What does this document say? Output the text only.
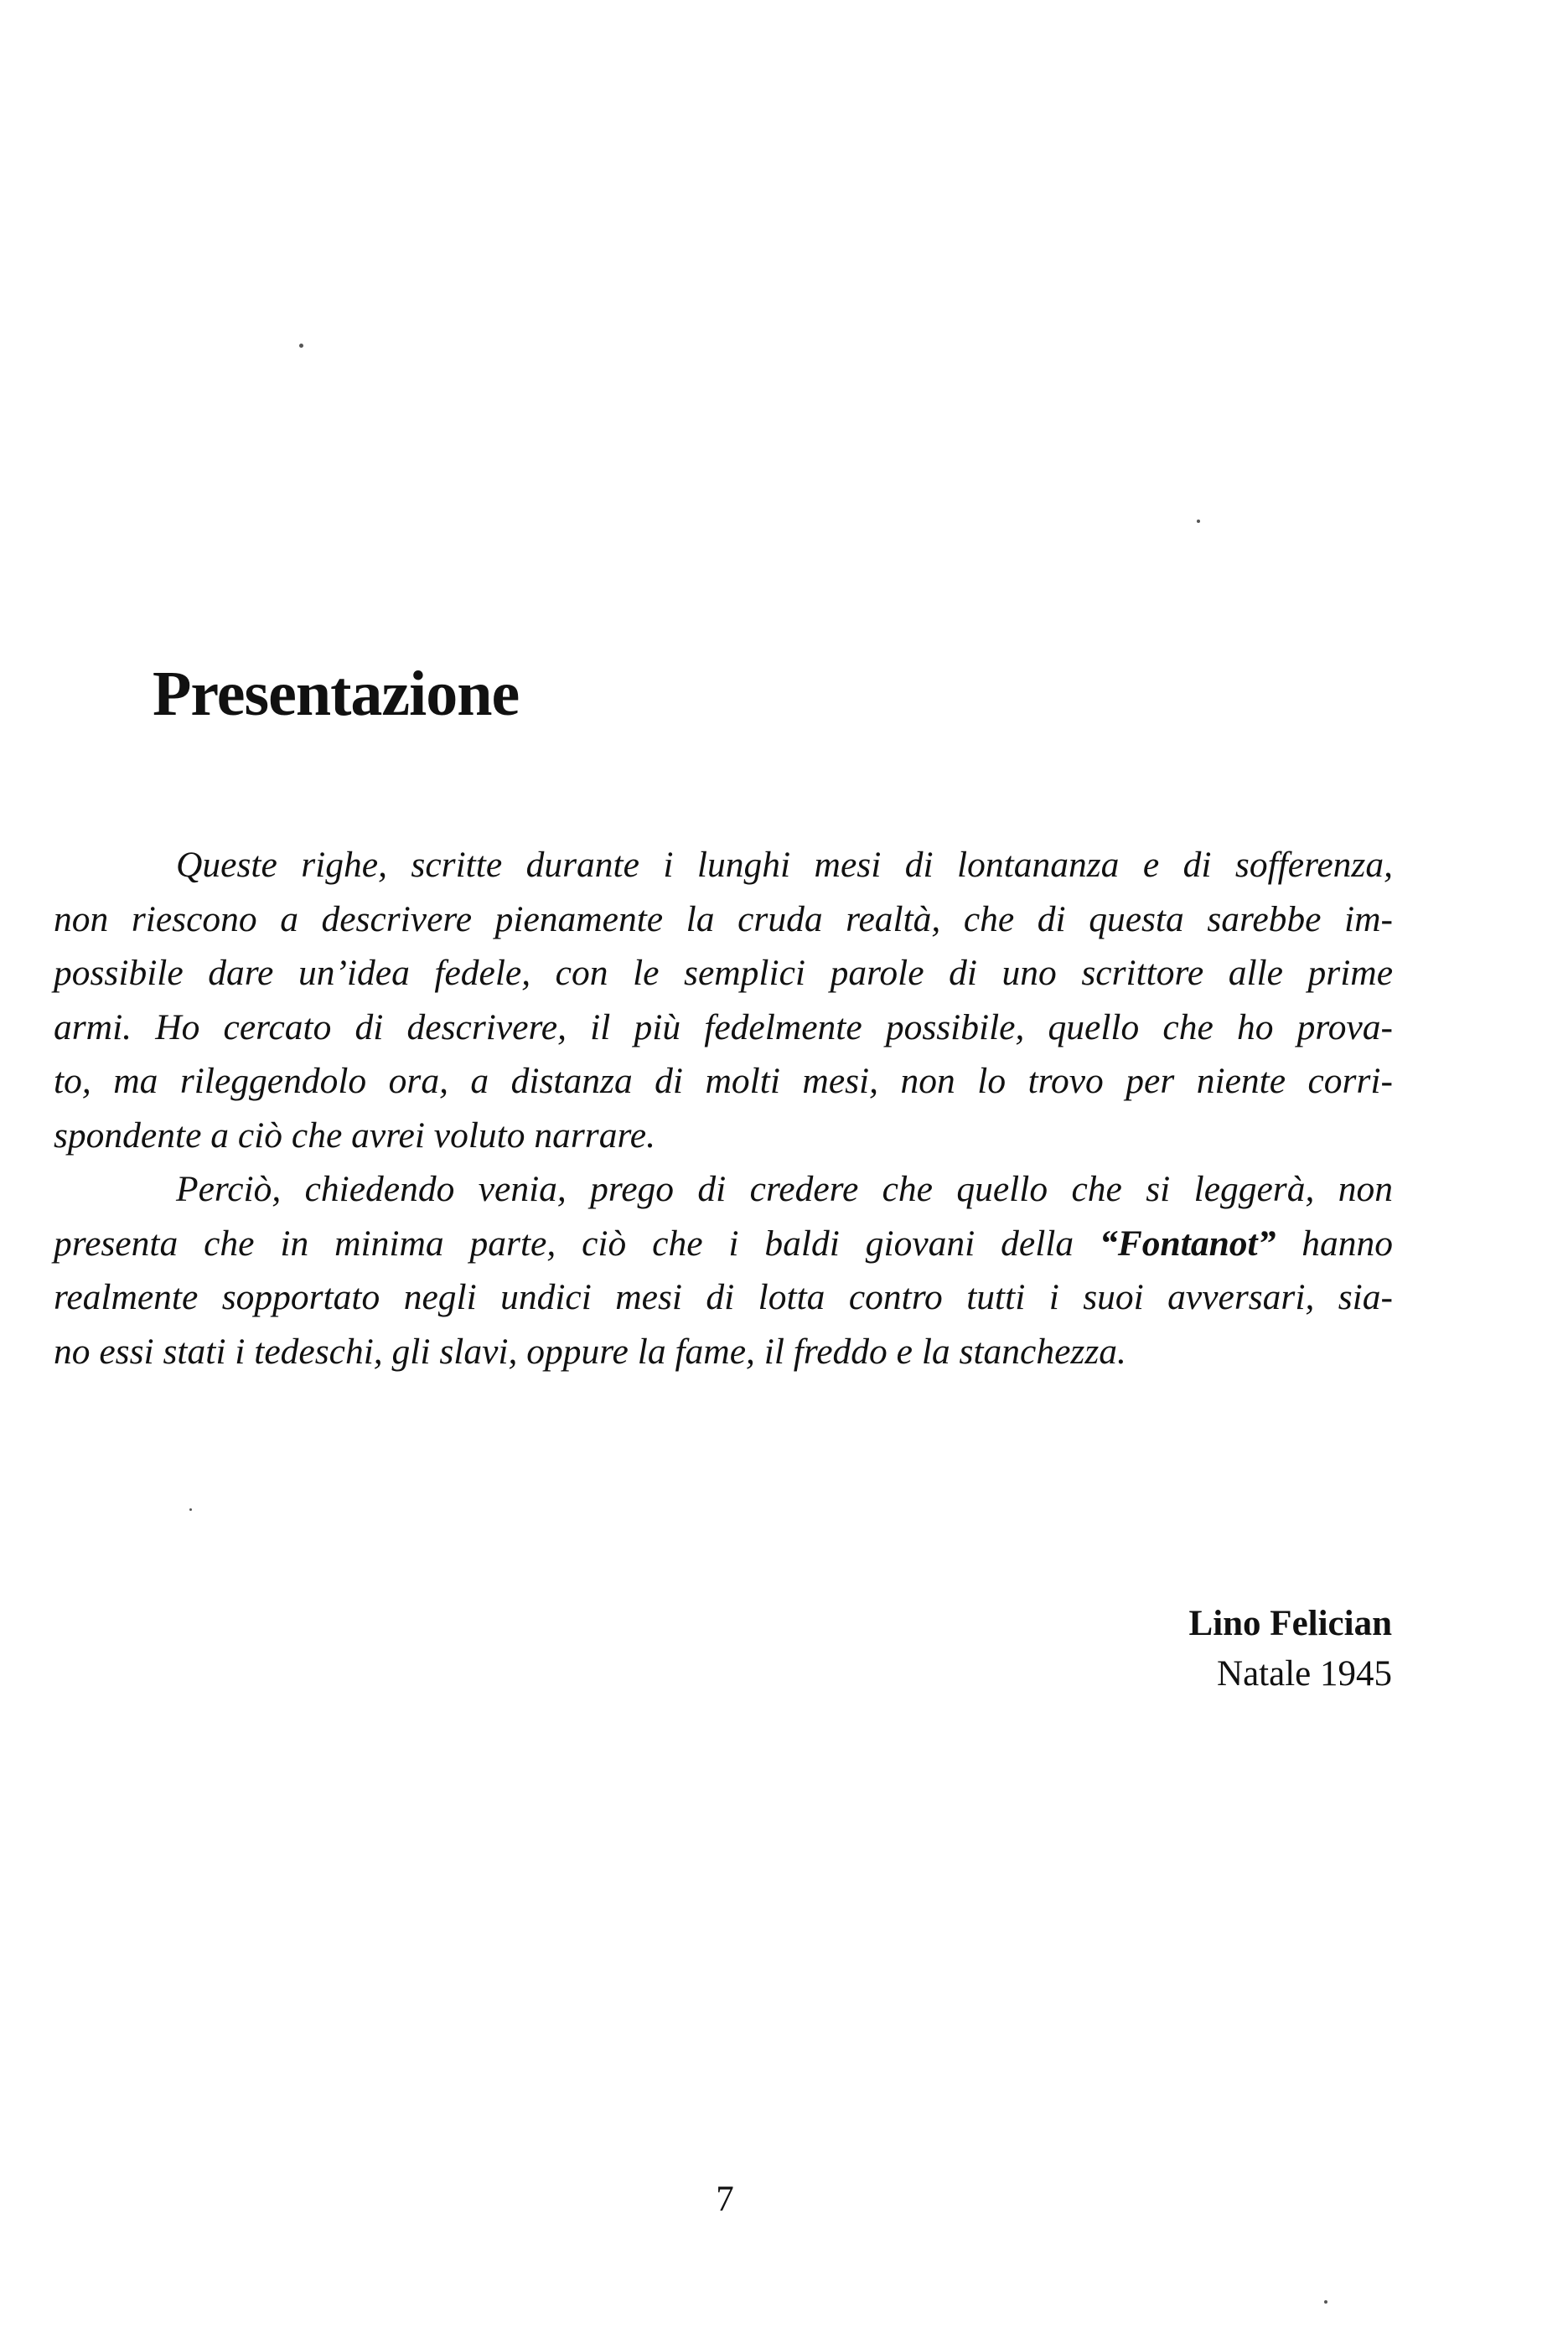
Presentazione

Queste righe, scritte durante i lunghi mesi di lontananza e di sofferenza,
non riescono a descrivere pienamente la cruda realtà, che di questa sarebbe im-
possibile dare un’idea fedele, con le semplici parole di uno scrittore alle prime
armi. Ho cercato di descrivere, il più fedelmente possibile, quello che ho prova-
to, ma rileggendolo ora, a distanza di molti mesi, non lo trovo per niente corri-
spondente a ciò che avrei voluto narrare.

Perciò, chiedendo venia, prego di credere che quello che si leggerà, non
presenta che in minima parte, ciò che i baldi giovani della “Fontanot” hanno
realmente sopportato negli undici mesi di lotta contro tutti i suoi avversari, sia-
no essi stati i tedeschi, gli slavi, oppure la fame, il freddo e la stanchezza.

Lino Felician
Natale 1945
7
